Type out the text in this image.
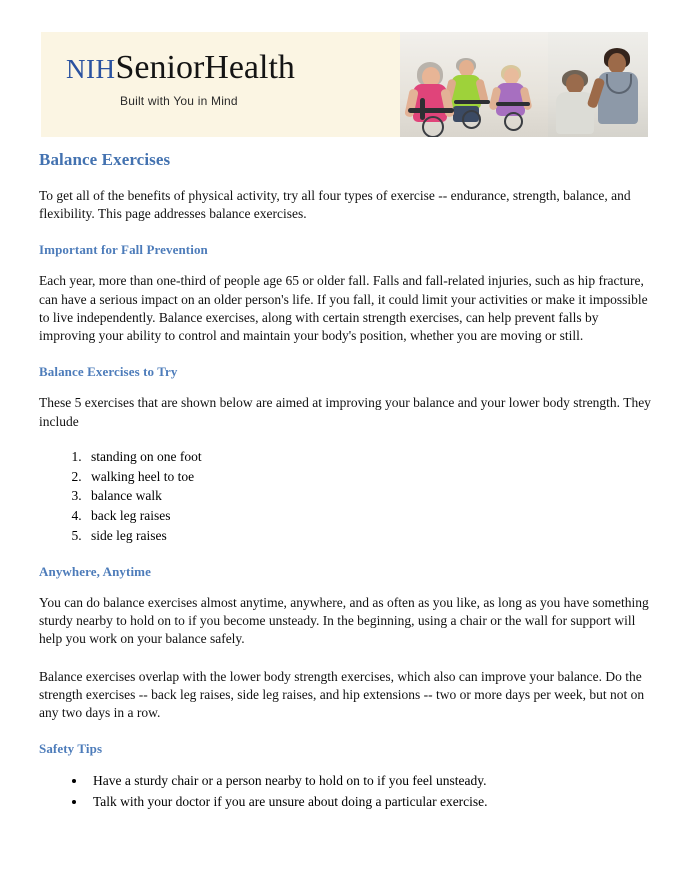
NIHSeniorHealth
Built with You in Mind
Balance Exercises

To get all of the benefits of physical activity, try all four types of exercise -- endurance, strength, balance, and flexibility. This page addresses balance exercises.

Important for Fall Prevention

Each year, more than one-third of people age 65 or older fall. Falls and fall-related injuries, such as hip fracture, can have a serious impact on an older person's life. If you fall, it could limit your activities or make it impossible to live independently. Balance exercises, along with certain strength exercises, can help prevent falls by improving your ability to control and maintain your body's position, whether you are moving or still.

Balance Exercises to Try

These 5 exercises that are shown below are aimed at improving your balance and your lower body strength. They include

1. standing on one foot
2. walking heel to toe
3. balance walk
4. back leg raises
5. side leg raises
Anywhere, Anytime

You can do balance exercises almost anytime, anywhere, and as often as you like, as long as you have something sturdy nearby to hold on to if you become unsteady. In the beginning, using a chair or the wall for support will help you work on your balance safely.

Balance exercises overlap with the lower body strength exercises, which also can improve your balance. Do the strength exercises -- back leg raises, side leg raises, and hip extensions -- two or more days per week, but not on any two days in a row.

Safety Tips
• Have a sturdy chair or a person nearby to hold on to if you feel unsteady.
• Talk with your doctor if you are unsure about doing a particular exercise.
